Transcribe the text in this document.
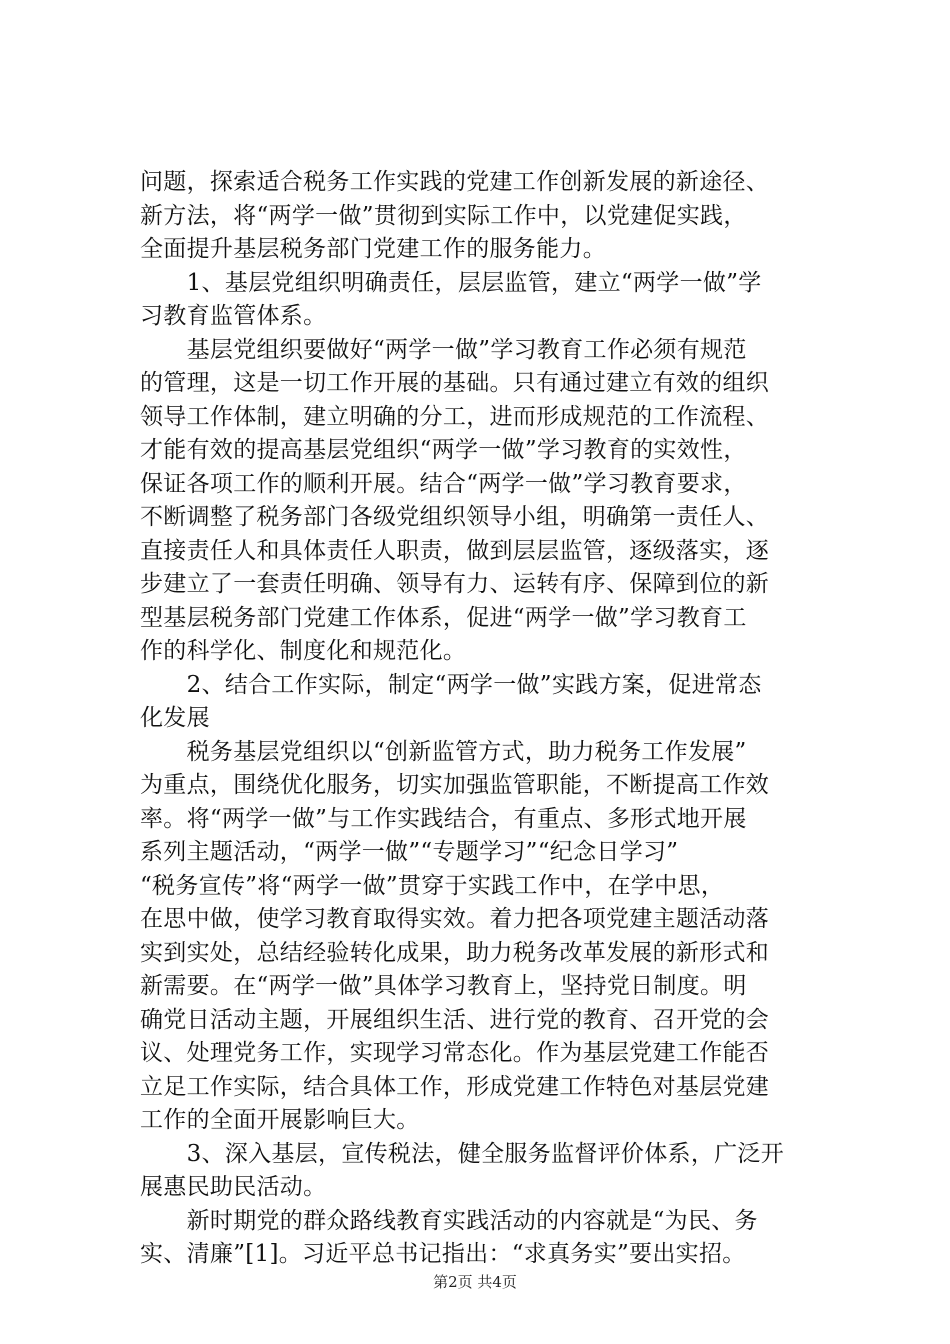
问题，探索适合税务工作实践的党建工作创新发展的新途径、
新方法，将“两学一做”贯彻到实际工作中，以党建促实践，
全面提升基层税务部门党建工作的服务能力。
　　1、基层党组织明确责任，层层监管，建立“两学一做”学
习教育监管体系。
　　基层党组织要做好“两学一做”学习教育工作必须有规范
的管理，这是一切工作开展的基础。只有通过建立有效的组织
领导工作体制，建立明确的分工，进而形成规范的工作流程、
才能有效的提高基层党组织“两学一做”学习教育的实效性，
保证各项工作的顺利开展。结合“两学一做”学习教育要求，
不断调整了税务部门各级党组织领导小组，明确第一责任人、
直接责任人和具体责任人职责，做到层层监管，逐级落实，逐
步建立了一套责任明确、领导有力、运转有序、保障到位的新
型基层税务部门党建工作体系，促进“两学一做”学习教育工
作的科学化、制度化和规范化。
　　2、结合工作实际，制定“两学一做”实践方案，促进常态
化发展
　　税务基层党组织以“创新监管方式，助力税务工作发展”
为重点，围绕优化服务，切实加强监管职能，不断提高工作效
率。将“两学一做”与工作实践结合，有重点、多形式地开展
系列主题活动，“两学一做”“专题学习”“纪念日学习”
“税务宣传”将“两学一做”贯穿于实践工作中，在学中思，
在思中做，使学习教育取得实效。着力把各项党建主题活动落
实到实处，总结经验转化成果，助力税务改革发展的新形式和
新需要。在“两学一做”具体学习教育上，坚持党日制度。明
确党日活动主题，开展组织生活、进行党的教育、召开党的会
议、处理党务工作，实现学习常态化。作为基层党建工作能否
立足工作实际，结合具体工作，形成党建工作特色对基层党建
工作的全面开展影响巨大。
　　3、深入基层，宣传税法，健全服务监督评价体系，广泛开
展惠民助民活动。
　　新时期党的群众路线教育实践活动的内容就是“为民、务
实、清廉”[1]。习近平总书记指出：“求真务实”要出实招。
第2页 共4页
